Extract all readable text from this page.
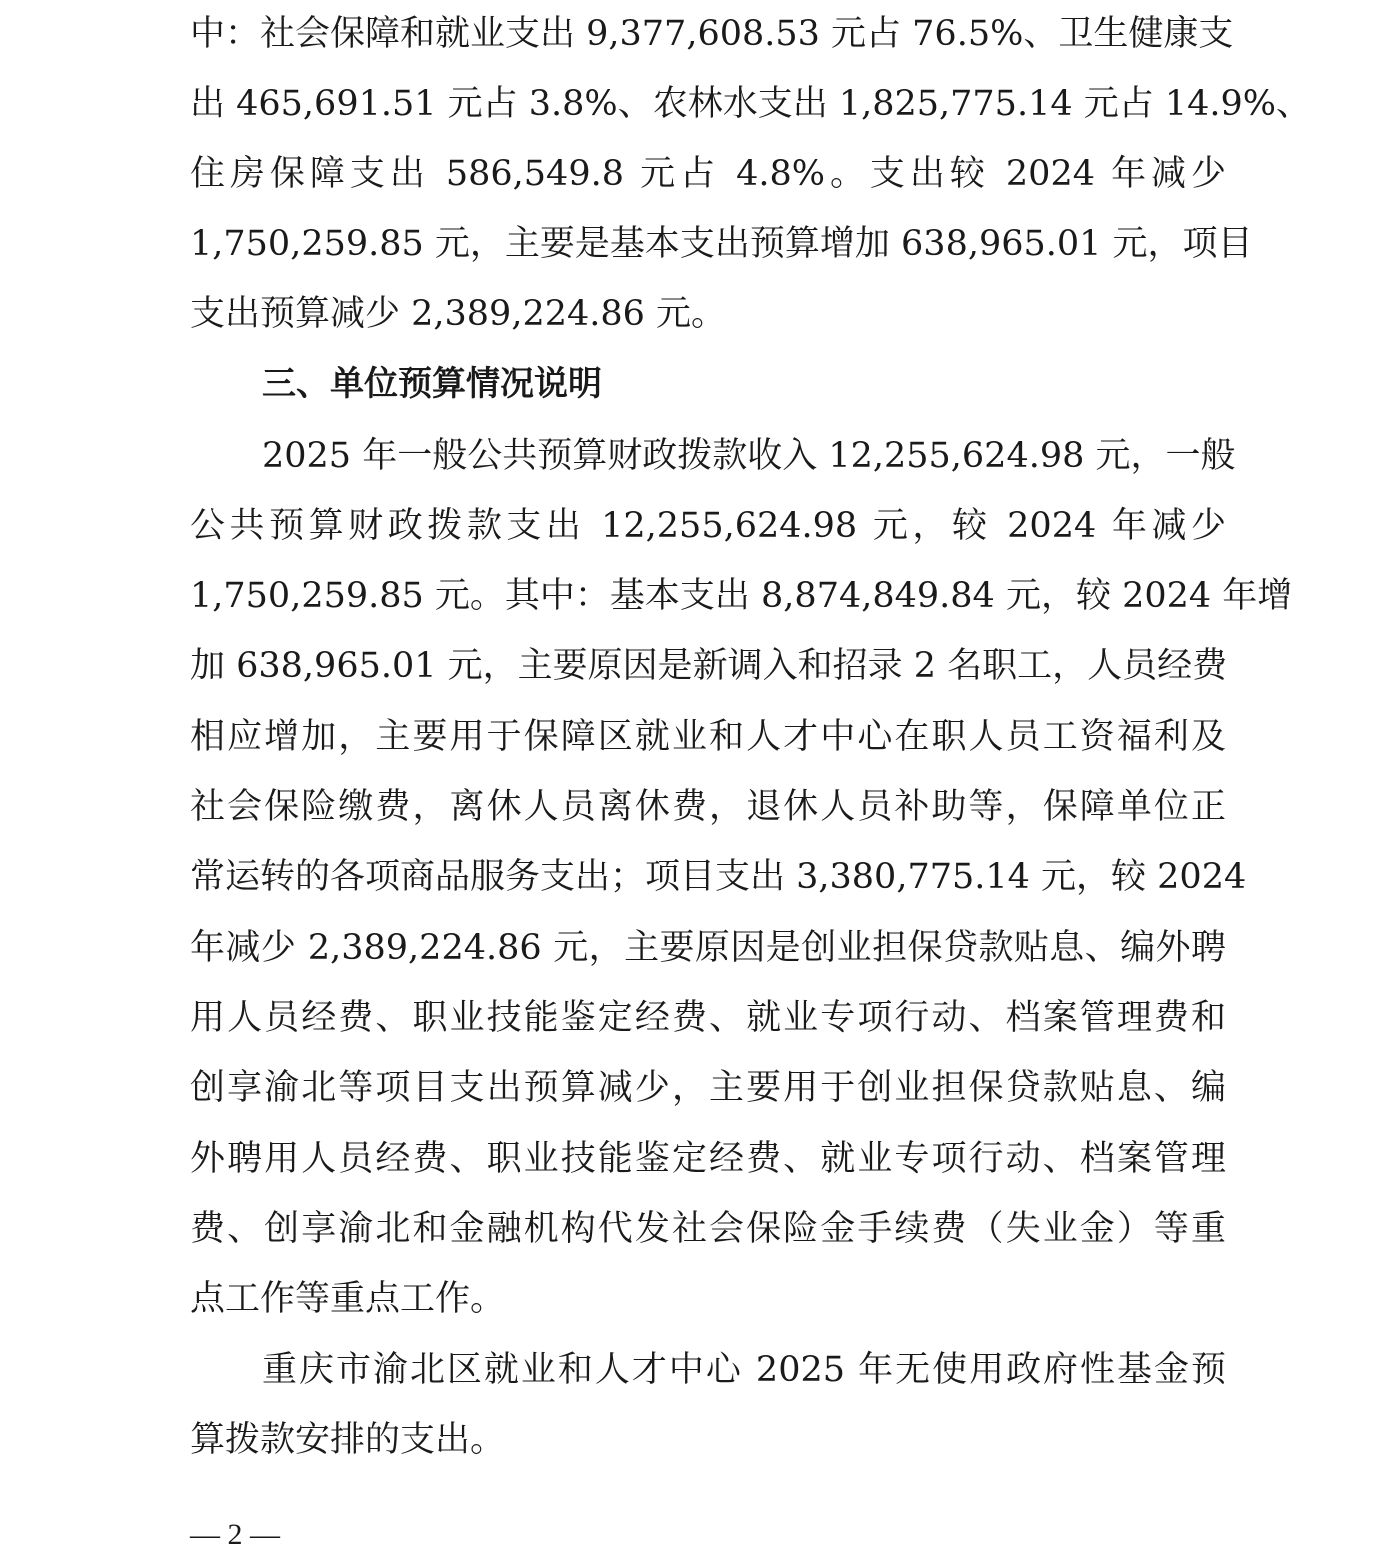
中：社会保障和就业支出 9,377,608.53 元占 76.5%、卫生健康支
出 465,691.51 元占 3.8%、农林水支出 1,825,775.14 元占 14.9%、
住房保障支出 586,549.8 元占 4.8%。支出较 2024 年减少
1,750,259.85 元，主要是基本支出预算增加 638,965.01 元，项目
支出预算减少 2,389,224.86 元。
三、单位预算情况说明
2025 年一般公共预算财政拨款收入 12,255,624.98 元，一般
公共预算财政拨款支出 12,255,624.98 元，较 2024 年减少
1,750,259.85 元。其中：基本支出 8,874,849.84 元，较 2024 年增
加 638,965.01 元，主要原因是新调入和招录 2 名职工，人员经费
相应增加，主要用于保障区就业和人才中心在职人员工资福利及
社会保险缴费，离休人员离休费，退休人员补助等，保障单位正
常运转的各项商品服务支出；项目支出 3,380,775.14 元，较 2024
年减少 2,389,224.86 元，主要原因是创业担保贷款贴息、编外聘
用人员经费、职业技能鉴定经费、就业专项行动、档案管理费和
创享渝北等项目支出预算减少，主要用于创业担保贷款贴息、编
外聘用人员经费、职业技能鉴定经费、就业专项行动、档案管理
费、创享渝北和金融机构代发社会保险金手续费（失业金）等重
点工作等重点工作。
重庆市渝北区就业和人才中心 2025 年无使用政府性基金预
算拨款安排的支出。
— 2 —
